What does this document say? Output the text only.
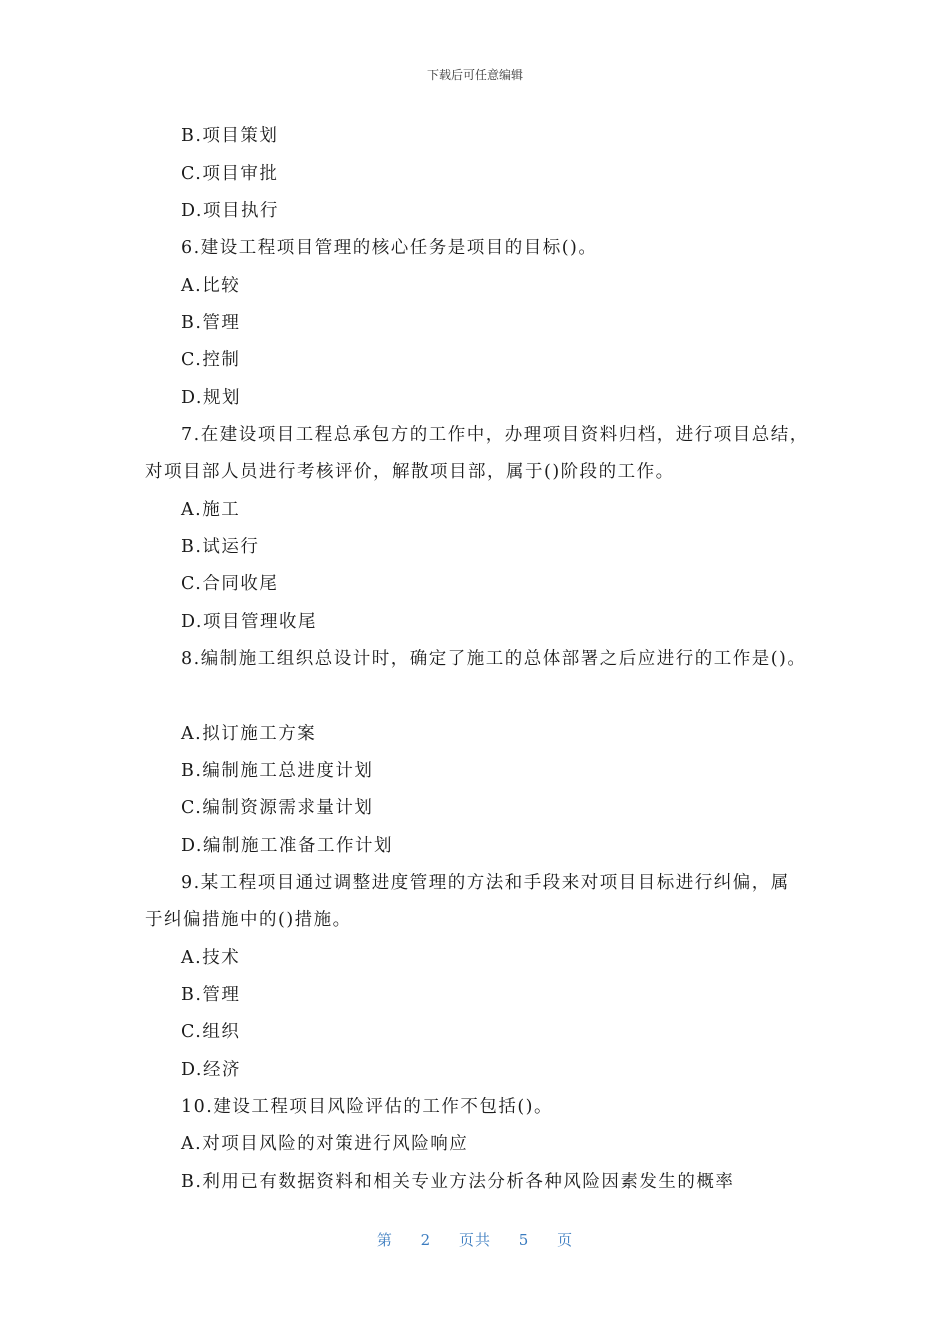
下载后可任意编辑
B.项目策划
C.项目审批
D.项目执行
6.建设工程项目管理的核心任务是项目的目标()。
A.比较
B.管理
C.控制
D.规划
7.在建设项目工程总承包方的工作中，办理项目资料归档，进行项目总结，
对项目部人员进行考核评价，解散项目部，属于()阶段的工作。
A.施工
B.试运行
C.合同收尾
D.项目管理收尾
8.编制施工组织总设计时，确定了施工的总体部署之后应进行的工作是()。
A.拟订施工方案
B.编制施工总进度计划
C.编制资源需求量计划
D.编制施工准备工作计划
9.某工程项目通过调整进度管理的方法和手段来对项目目标进行纠偏，属
于纠偏措施中的()措施。
A.技术
B.管理
C.组织
D.经济
10.建设工程项目风险评估的工作不包括()。
A.对项目风险的对策进行风险响应
B.利用已有数据资料和相关专业方法分析各种风险因素发生的概率
第 2 页共 5 页
